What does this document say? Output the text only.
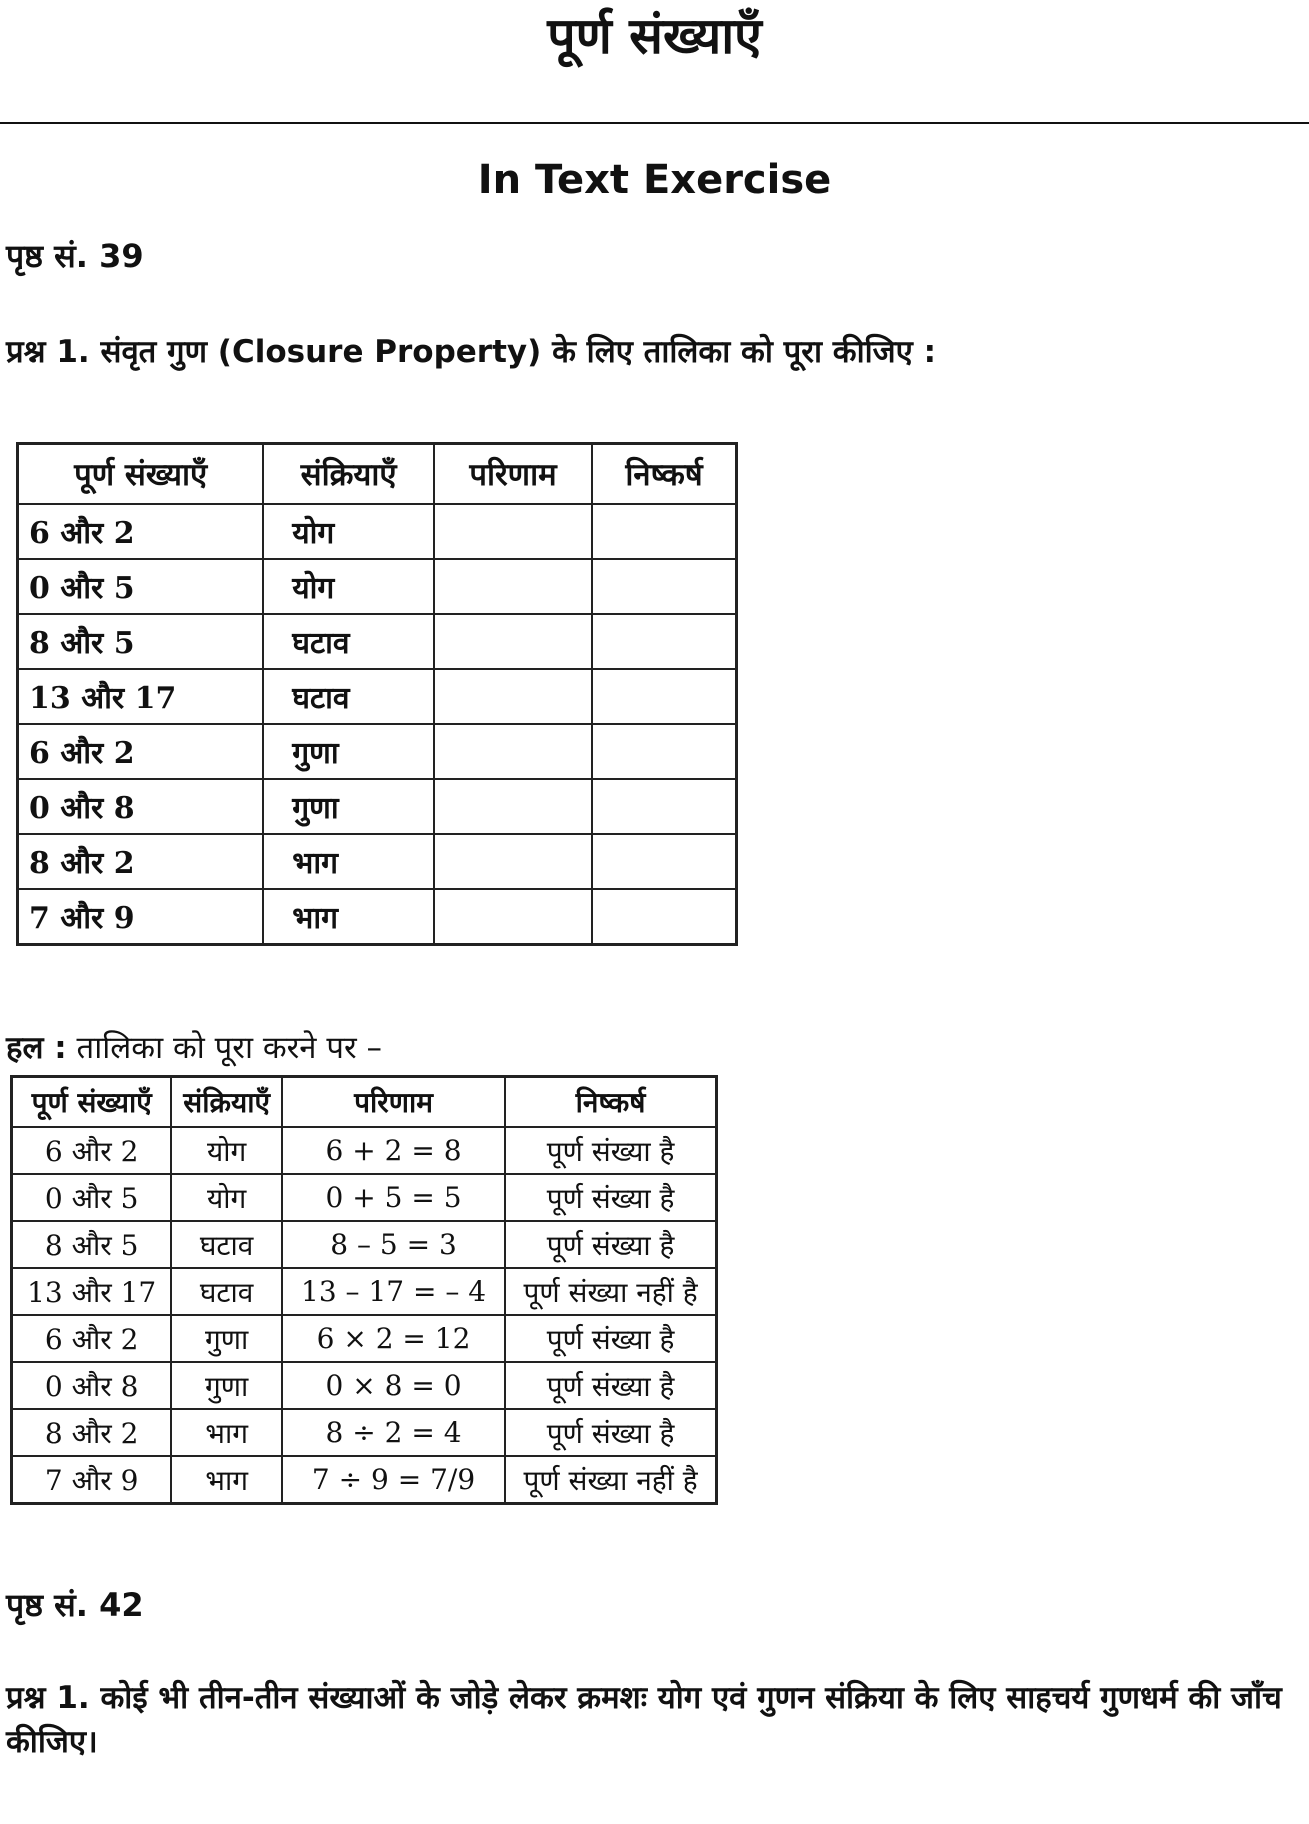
पूर्ण संख्याएँ
In Text Exercise
पृष्ठ सं. 39
प्रश्न 1. संवृत गुण (Closure Property) के लिए तालिका को पूरा कीजिए :
पूर्ण संख्याएँ	संक्रियाएँ	परिणाम	निष्कर्ष
6 और 2	योग		
0 और 5	योग		
8 और 5	घटाव		
13 और 17	घटाव		
6 और 2	गुणा		
0 और 8	गुणा		
8 और 2	भाग		
7 और 9	भाग		
हल : तालिका को पूरा करने पर –
पूर्ण संख्याएँ	संक्रियाएँ	परिणाम	निष्कर्ष
6 और 2	योग	6 + 2 = 8	पूर्ण संख्या है
0 और 5	योग	0 + 5 = 5	पूर्ण संख्या है
8 और 5	घटाव	8 – 5 = 3	पूर्ण संख्या है
13 और 17	घटाव	13 – 17 = – 4	पूर्ण संख्या नहीं है
6 और 2	गुणा	6 × 2 = 12	पूर्ण संख्या है
0 और 8	गुणा	0 × 8 = 0	पूर्ण संख्या है
8 और 2	भाग	8 ÷ 2 = 4	पूर्ण संख्या है
7 और 9	भाग	7 ÷ 9 = 7/9	पूर्ण संख्या नहीं है
पृष्ठ सं. 42
प्रश्न 1. कोई भी तीन-तीन संख्याओं के जोड़े लेकर क्रमशः योग एवं गुणन संक्रिया के लिए साहचर्य गुणधर्म की जाँच कीजिए।
